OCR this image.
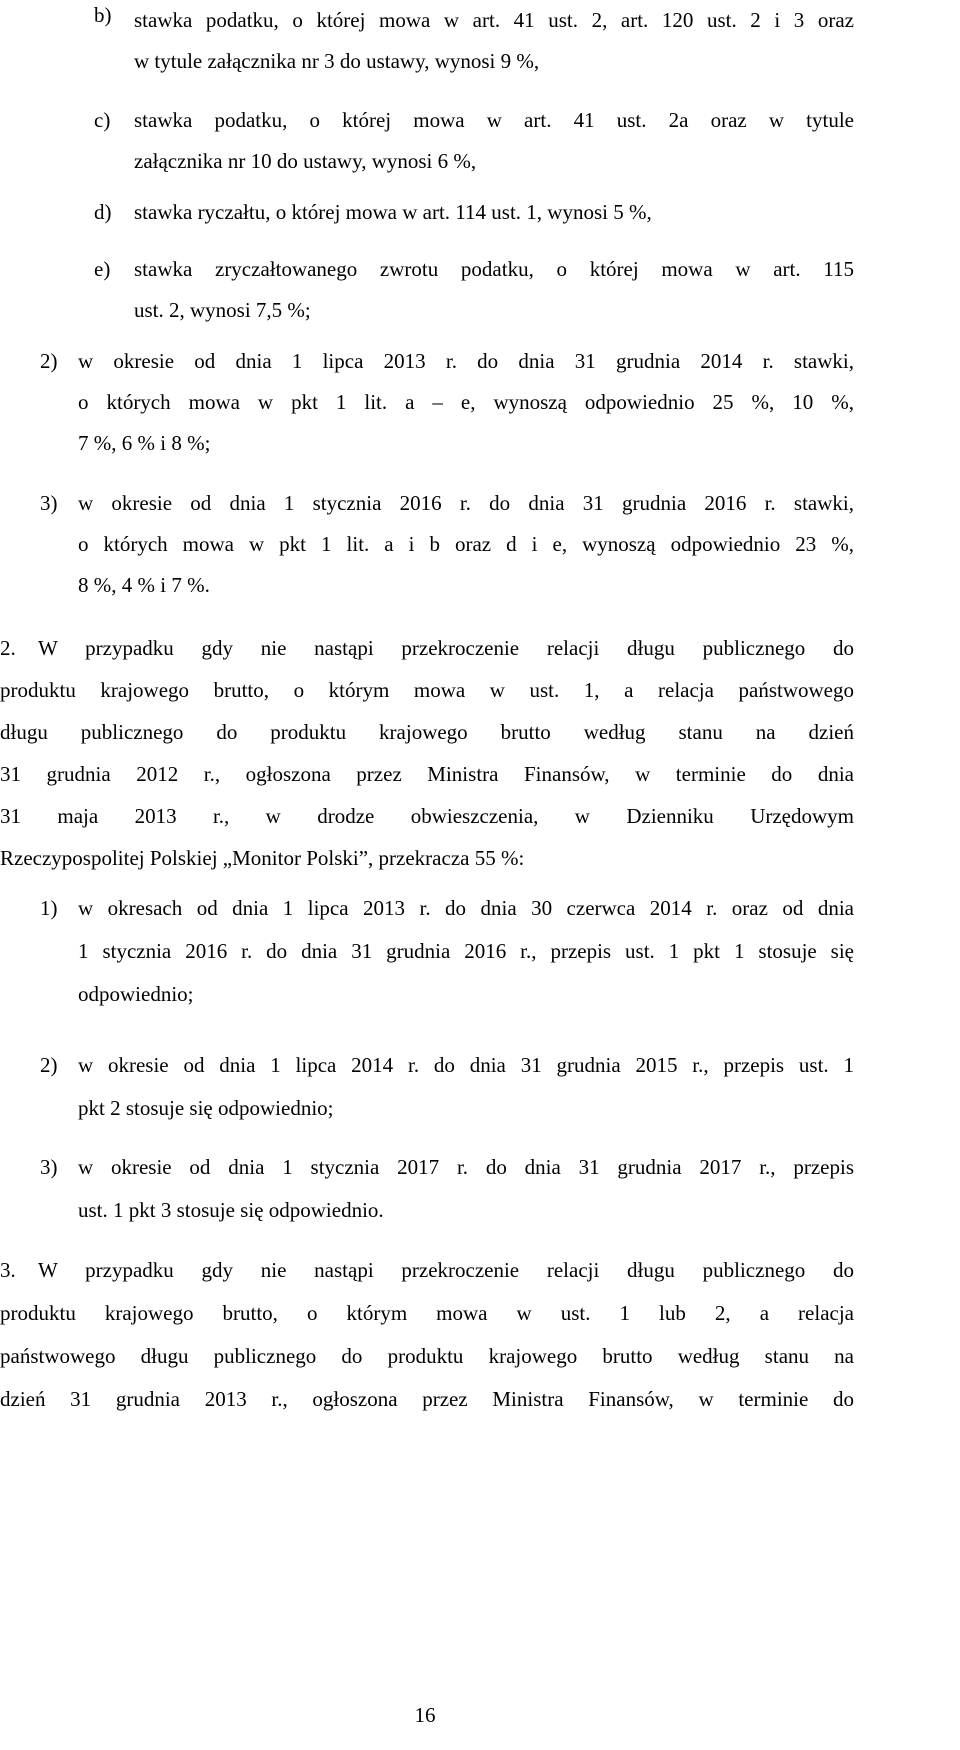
b) stawka podatku, o której mowa w art. 41 ust. 2, art. 120 ust. 2 i 3 oraz
w tytule załącznika nr 3 do ustawy, wynosi 9 %,
c) stawka podatku, o której mowa w art. 41 ust. 2a oraz w tytule
załącznika nr 10 do ustawy, wynosi 6 %,
d) stawka ryczałtu, o której mowa w art. 114 ust. 1, wynosi 5 %,
e) stawka zryczałtowanego zwrotu podatku, o której mowa w art. 115
ust. 2, wynosi 7,5 %;
2) w okresie od dnia 1 lipca 2013 r. do dnia 31 grudnia 2014 r. stawki,
o których mowa w pkt 1 lit. a – e, wynoszą odpowiednio 25 %, 10 %,
7 %, 6 % i 8 %;
3) w okresie od dnia 1 stycznia 2016 r. do dnia 31 grudnia 2016 r. stawki,
o których mowa w pkt 1 lit. a i b oraz d i e, wynoszą odpowiednio 23 %,
8 %, 4 % i 7 %.
2. W przypadku gdy nie nastąpi przekroczenie relacji długu publicznego do
produktu krajowego brutto, o którym mowa w ust. 1, a relacja państwowego
długu publicznego do produktu krajowego brutto według stanu na dzień
31 grudnia 2012 r., ogłoszona przez Ministra Finansów, w terminie do dnia
31 maja 2013 r., w drodze obwieszczenia, w Dzienniku Urzędowym
Rzeczypospolitej Polskiej „Monitor Polski”, przekracza 55 %:
1) w okresach od dnia 1 lipca 2013 r. do dnia 30 czerwca 2014 r. oraz od dnia
1 stycznia 2016 r. do dnia 31 grudnia 2016 r., przepis ust. 1 pkt 1 stosuje się
odpowiednio;
2) w okresie od dnia 1 lipca 2014 r. do dnia 31 grudnia 2015 r., przepis ust. 1
pkt 2 stosuje się odpowiednio;
3) w okresie od dnia 1 stycznia 2017 r. do dnia 31 grudnia 2017 r., przepis
ust. 1 pkt 3 stosuje się odpowiednio.
3. W przypadku gdy nie nastąpi przekroczenie relacji długu publicznego do
produktu krajowego brutto, o którym mowa w ust. 1 lub 2, a relacja
państwowego długu publicznego do produktu krajowego brutto według stanu na
dzień 31 grudnia 2013 r., ogłoszona przez Ministra Finansów, w terminie do
16
